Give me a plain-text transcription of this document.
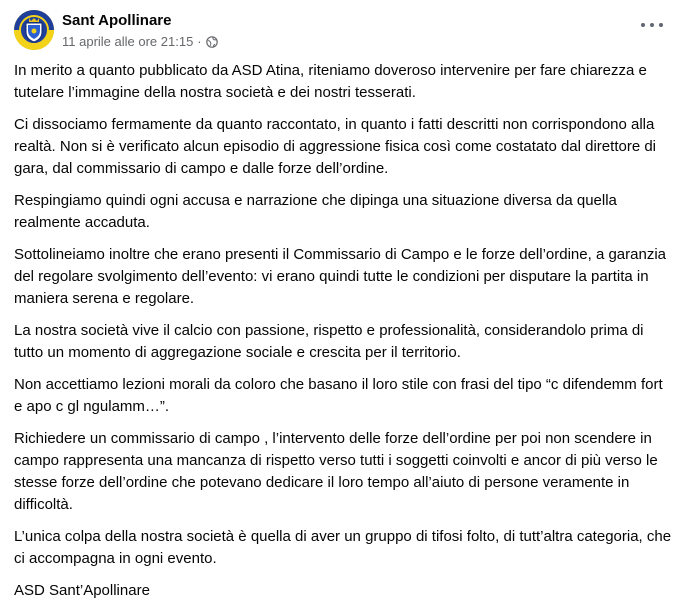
Sant Apollinare
11 aprile alle ore 21:15 ·

In merito a quanto pubblicato da ASD Atina, riteniamo doveroso intervenire per fare chiarezza e tutelare l’immagine della nostra società e dei nostri tesserati.

Ci dissociamo fermamente da quanto raccontato, in quanto i fatti descritti non corrispondono alla realtà. Non si è verificato alcun episodio di aggressione fisica così come costatato dal direttore di gara, dal commissario di campo e dalle forze dell’ordine.

Respingiamo quindi ogni accusa e narrazione che dipinga una situazione diversa da quella realmente accaduta.

Sottolineiamo inoltre che erano presenti il Commissario di Campo e le forze dell’ordine, a garanzia del regolare svolgimento dell’evento: vi erano quindi tutte le condizioni per disputare la partita in maniera serena e regolare.

La nostra società vive il calcio con passione, rispetto e professionalità, considerandolo prima di tutto un momento di aggregazione sociale e crescita per il territorio.

Non accettiamo lezioni morali da coloro che basano il loro stile con frasi del tipo “c difendemm fort e apo c gl ngulamm…”.

Richiedere un commissario di campo , l’intervento delle forze dell’ordine per poi non scendere in campo rappresenta una mancanza di rispetto verso tutti i soggetti coinvolti e ancor di più verso le stesse forze dell’ordine che potevano dedicare il loro tempo all’aiuto di persone veramente in difficoltà.

L’unica colpa della nostra società è quella di aver un gruppo di tifosi folto, di tutt’altra categoria, che ci accompagna in ogni evento.

ASD Sant’Apollinare
